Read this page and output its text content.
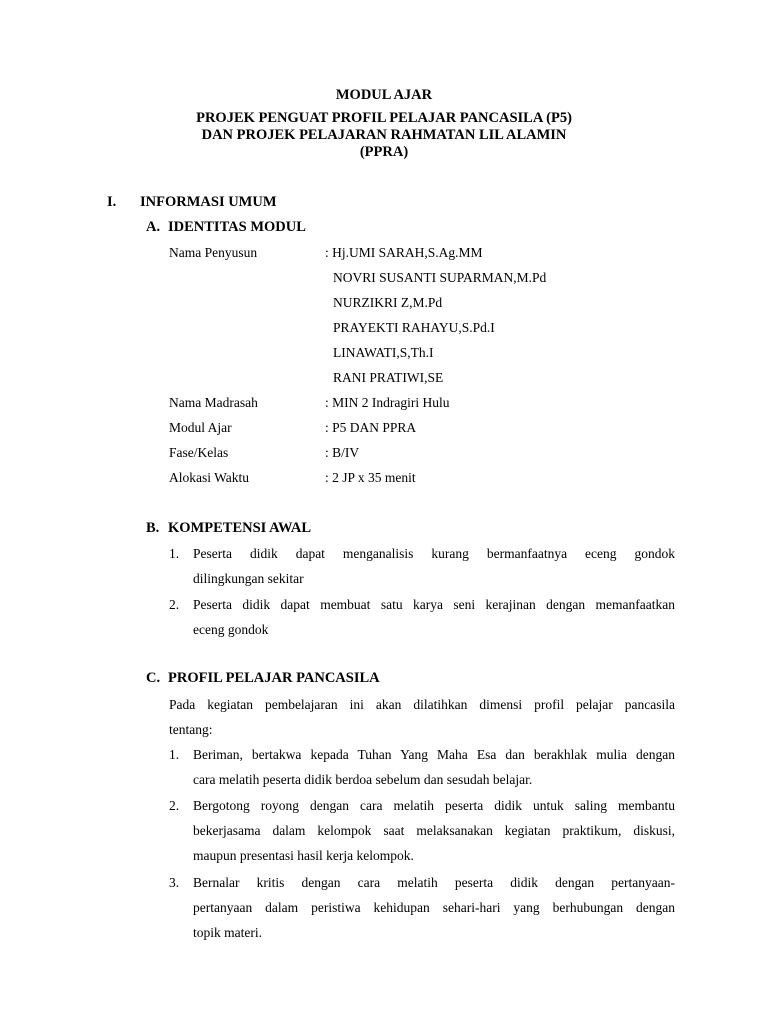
MODUL AJAR
PROJEK PENGUAT PROFIL PELAJAR PANCASILA (P5)
DAN PROJEK PELAJARAN RAHMATAN LIL ALAMIN
(PPRA)
I. INFORMASI UMUM
A. IDENTITAS MODUL
Nama Penyusun	: Hj.UMI SARAH,S.Ag.MM
NOVRI SUSANTI SUPARMAN,M.Pd
NURZIKRI Z,M.Pd
PRAYEKTI RAHAYU,S.Pd.I
LINAWATI,S,Th.I
RANI PRATIWI,SE
Nama Madrasah	: MIN 2 Indragiri Hulu
Modul Ajar	: P5 DAN PPRA
Fase/Kelas	: B/IV
Alokasi Waktu	: 2 JP x 35 menit
B. KOMPETENSI AWAL
1. Peserta didik dapat menganalisis kurang bermanfaatnya eceng gondok
dilingkungan sekitar
2. Peserta didik dapat membuat satu karya seni kerajinan dengan memanfaatkan
eceng gondok
C. PROFIL PELAJAR PANCASILA
Pada kegiatan pembelajaran ini akan dilatihkan dimensi profil pelajar pancasila
tentang:
1. Beriman, bertakwa kepada Tuhan Yang Maha Esa dan berakhlak mulia dengan
cara melatih peserta didik berdoa sebelum dan sesudah belajar.
2. Bergotong royong dengan cara melatih peserta didik untuk saling membantu
bekerjasama dalam kelompok saat melaksanakan kegiatan praktikum, diskusi,
maupun presentasi hasil kerja kelompok.
3. Bernalar kritis dengan cara melatih peserta didik dengan pertanyaan-
pertanyaan dalam peristiwa kehidupan sehari-hari yang berhubungan dengan
topik materi.
